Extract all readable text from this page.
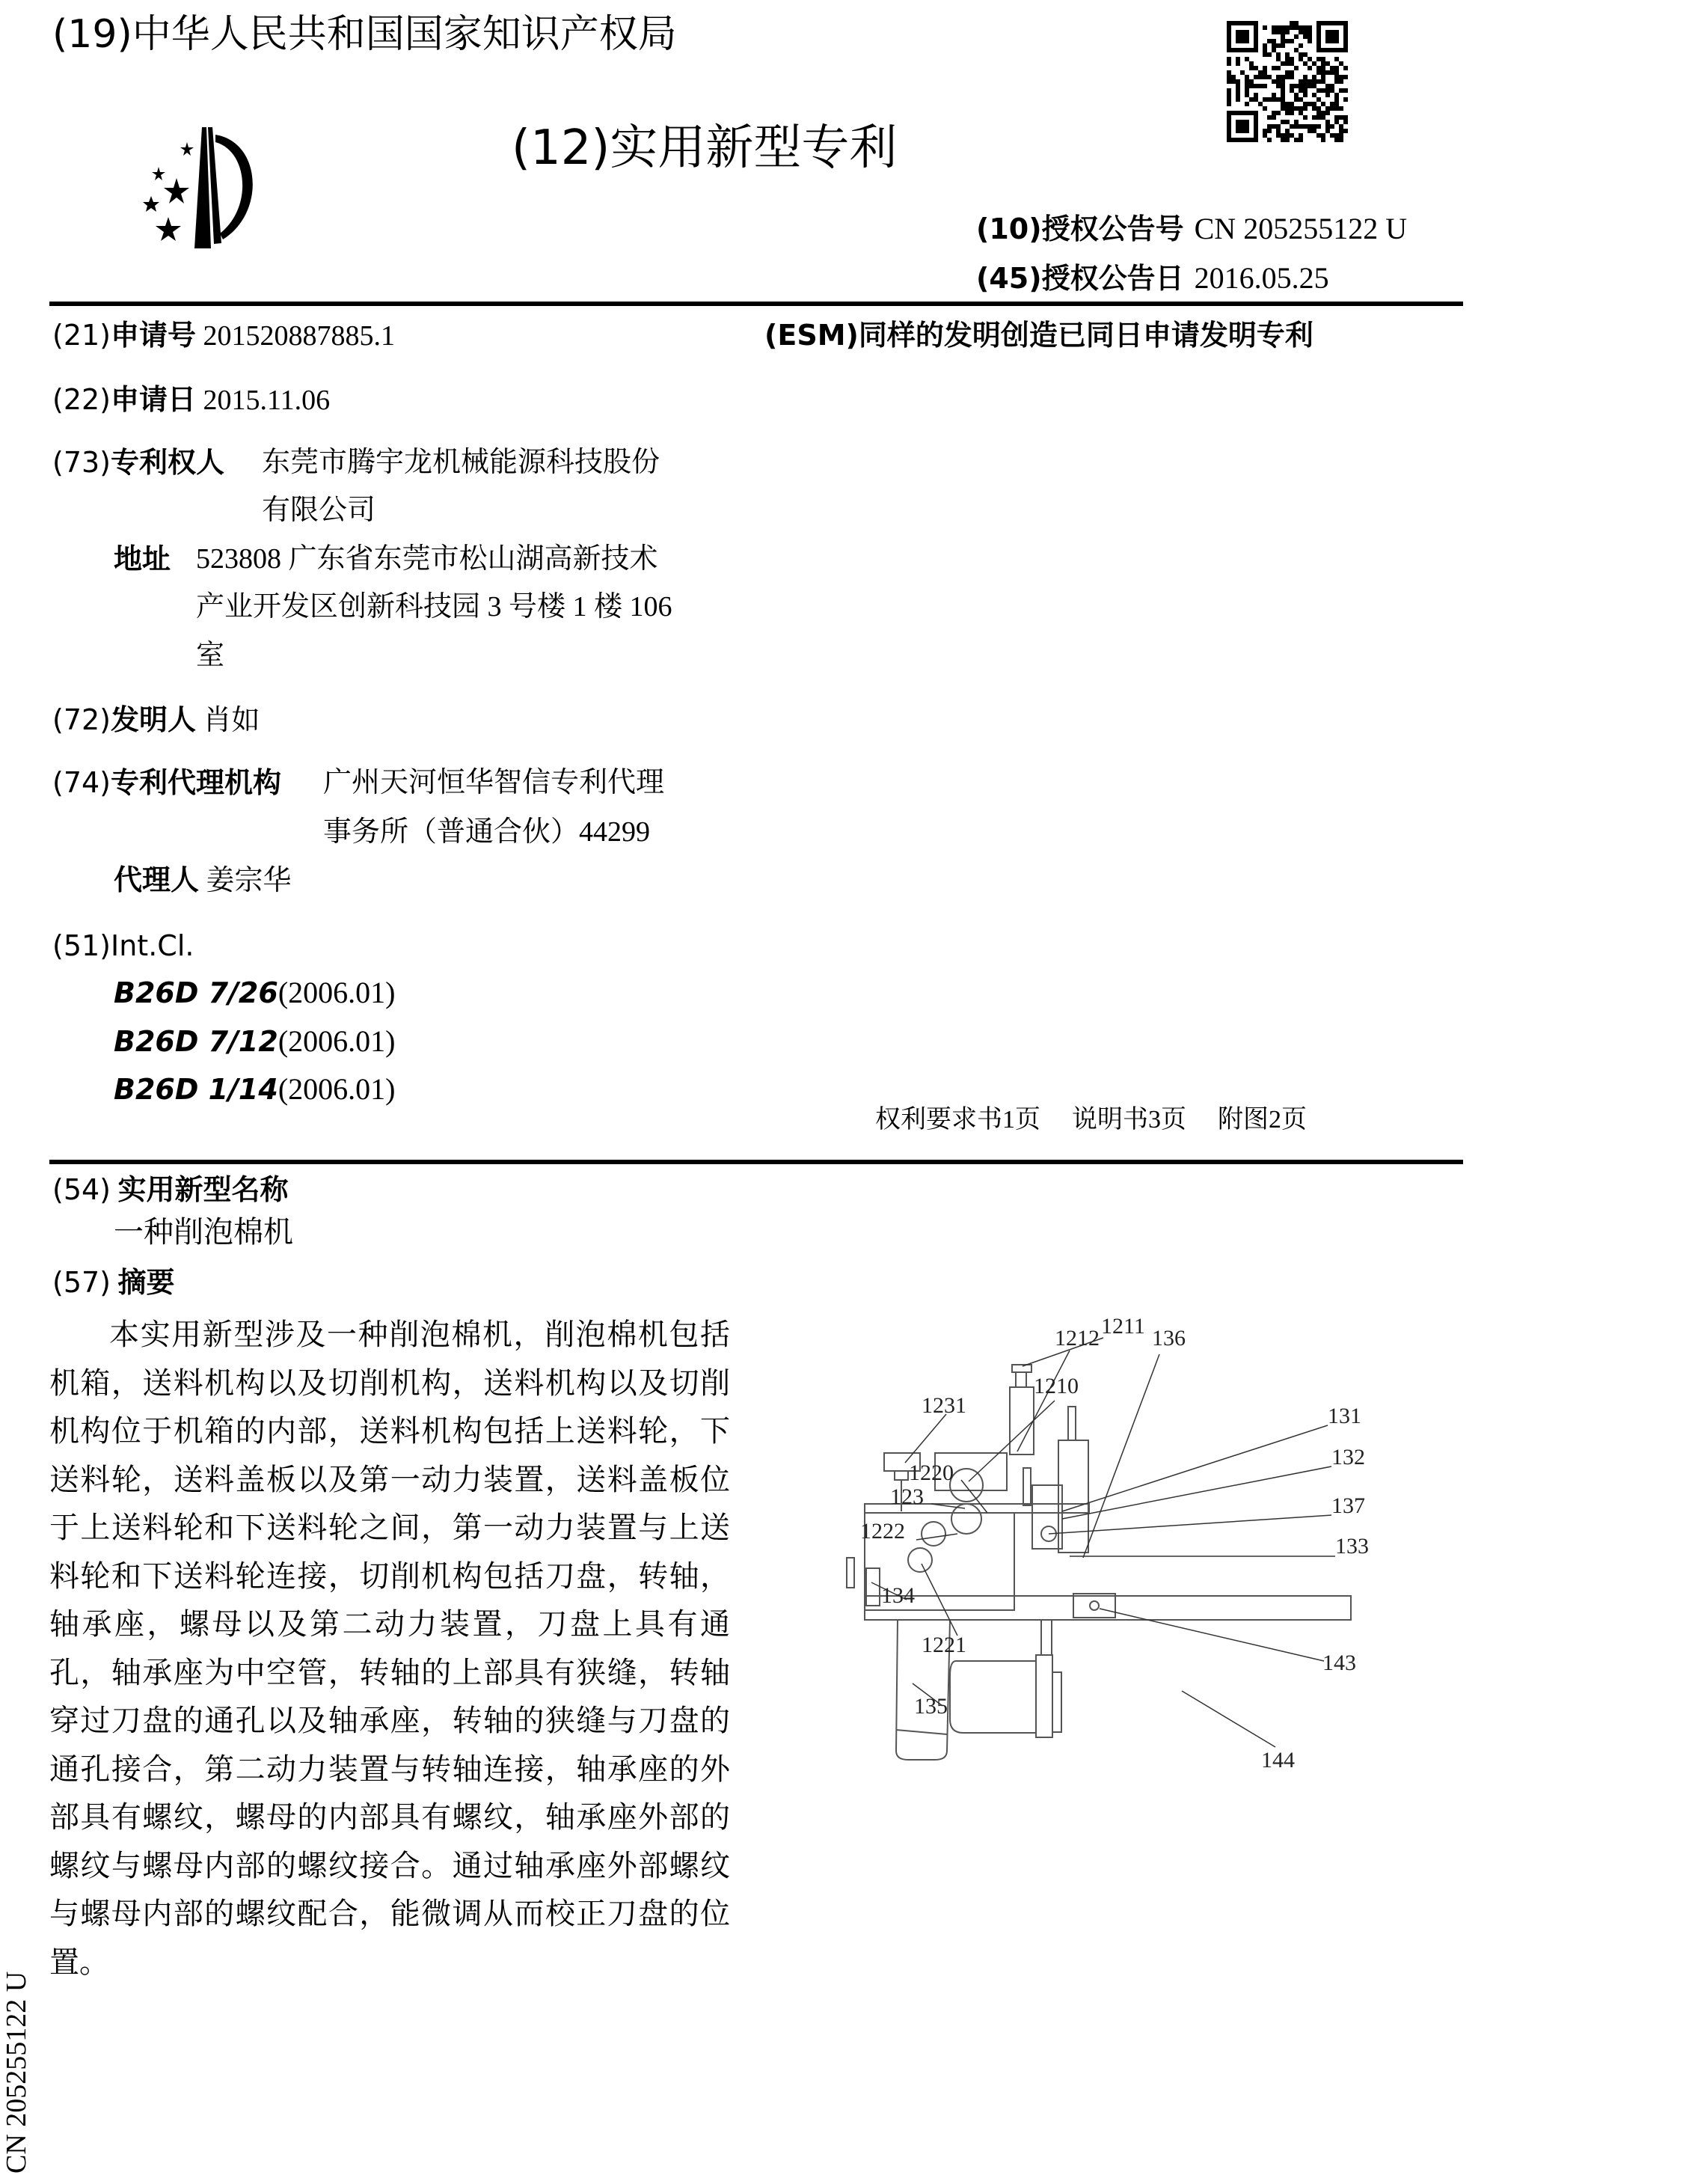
(19)中华人民共和国国家知识产权局
(12)实用新型专利
(10)授权公告号 CN 205255122 U
(45)授权公告日 2016.05.25
(21)申请号 201520887885.1
(22)申请日 2015.11.06
(73)专利权人 东莞市腾宇龙机械能源科技股份
有限公司
地址 523808 广东省东莞市松山湖高新技术
产业开发区创新科技园 3 号楼 1 楼 106
室
(72)发明人 肖如
(74)专利代理机构 广州天河恒华智信专利代理
事务所（普通合伙）44299
代理人 姜宗华
(51)Int.Cl.
B26D 7/26(2006.01)
B26D 7/12(2006.01)
B26D 1/14(2006.01)
(ESM)同样的发明创造已同日申请发明专利
权利要求书1页 说明书3页 附图2页
(54) 实用新型名称
一种削泡棉机
(57) 摘要
本实用新型涉及一种削泡棉机，削泡棉机包括机箱，送料机构以及切削机构，送料机构以及切削机构位于机箱的内部，送料机构包括上送料轮，下送料轮，送料盖板以及第一动力装置，送料盖板位于上送料轮和下送料轮之间，第一动力装置与上送料轮和下送料轮连接，切削机构包括刀盘，转轴，轴承座，螺母以及第二动力装置，刀盘上具有通孔，轴承座为中空管，转轴的上部具有狭缝，转轴穿过刀盘的通孔以及轴承座，转轴的狭缝与刀盘的通孔接合，第二动力装置与转轴连接，轴承座的外部具有螺纹，螺母的内部具有螺纹，轴承座外部的螺纹与螺母内部的螺纹接合。通过轴承座外部螺纹与螺母内部的螺纹配合，能微调从而校正刀盘的位置。
1212 1211 136
1210
1231
1220
123
1222
131
132
137
133
134
1221
135
143
144
CN 205255122 U
